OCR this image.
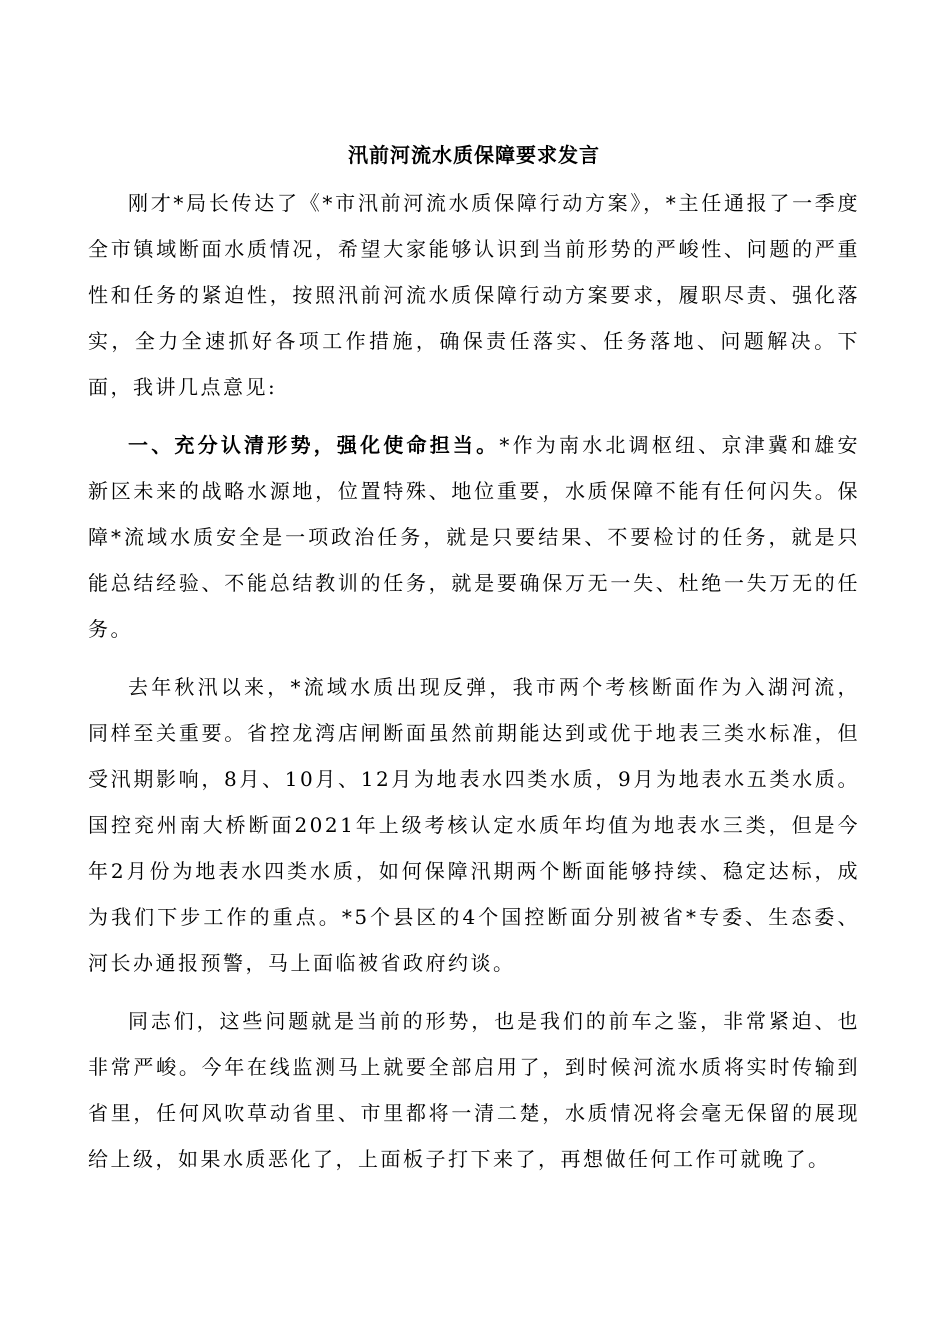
汛前河流水质保障要求发言

刚才*局长传达了《*市汛前河流水质保障行动方案》，*主任通报了一季度全市镇域断面水质情况，希望大家能够认识到当前形势的严峻性、问题的严重性和任务的紧迫性，按照汛前河流水质保障行动方案要求，履职尽责、强化落实，全力全速抓好各项工作措施，确保责任落实、任务落地、问题解决。下面，我讲几点意见:

一、充分认清形势，强化使命担当。*作为南水北调枢纽、京津冀和雄安新区未来的战略水源地，位置特殊、地位重要，水质保障不能有任何闪失。保障*流域水质安全是一项政治任务，就是只要结果、不要检讨的任务，就是只能总结经验、不能总结教训的任务，就是要确保万无一失、杜绝一失万无的任务。

去年秋汛以来，*流域水质出现反弹，我市两个考核断面作为入湖河流，同样至关重要。省控龙湾店闸断面虽然前期能达到或优于地表三类水标准，但受汛期影响，8月、10月、12月为地表水四类水质，9月为地表水五类水质。国控兖州南大桥断面2021年上级考核认定水质年均值为地表水三类，但是今年2月份为地表水四类水质，如何保障汛期两个断面能够持续、稳定达标，成为我们下步工作的重点。*5个县区的4个国控断面分别被省*专委、生态委、河长办通报预警，马上面临被省政府约谈。

同志们，这些问题就是当前的形势，也是我们的前车之鉴，非常紧迫、也非常严峻。今年在线监测马上就要全部启用了，到时候河流水质将实时传输到省里，任何风吹草动省里、市里都将一清二楚，水质情况将会毫无保留的展现给上级，如果水质恶化了，上面板子打下来了，再想做任何工作可就晚了。
